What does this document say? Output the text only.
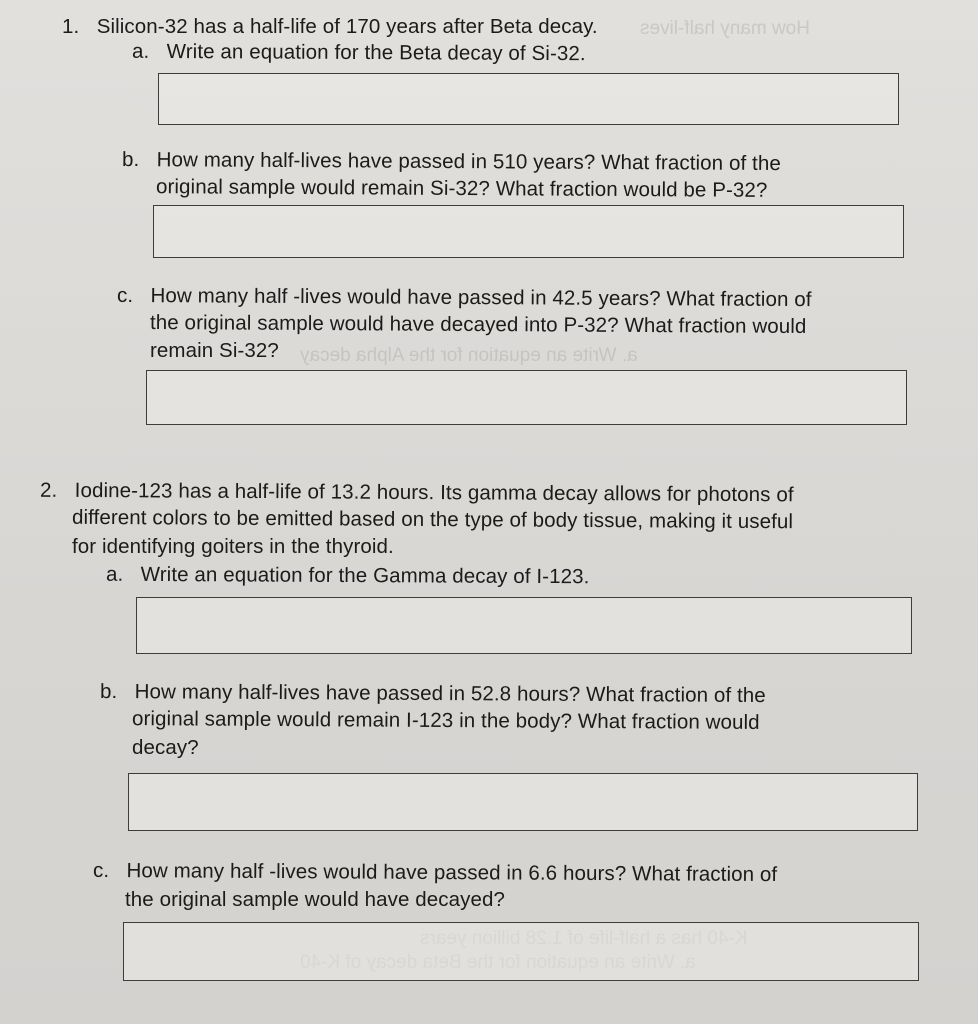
How many half-lives
a. Write an equation for the Alpha decay
1. Silicon-32 has a half-life of 170 years after Beta decay.
a. Write an equation for the Beta decay of Si-32.
b. How many half-lives have passed in 510 years? What fraction of the
original sample would remain Si-32? What fraction would be P-32?
c. How many half -lives would have passed in 42.5 years? What fraction of
the original sample would have decayed into P-32? What fraction would
remain Si-32?
2. Iodine-123 has a half-life of 13.2 hours. Its gamma decay allows for photons of
different colors to be emitted based on the type of body tissue, making it useful
for identifying goiters in the thyroid.
a. Write an equation for the Gamma decay of I-123.
b. How many half-lives have passed in 52.8 hours? What fraction of the
original sample would remain I-123 in the body? What fraction would
decay?
c. How many half -lives would have passed in 6.6 hours? What fraction of
the original sample would have decayed?
